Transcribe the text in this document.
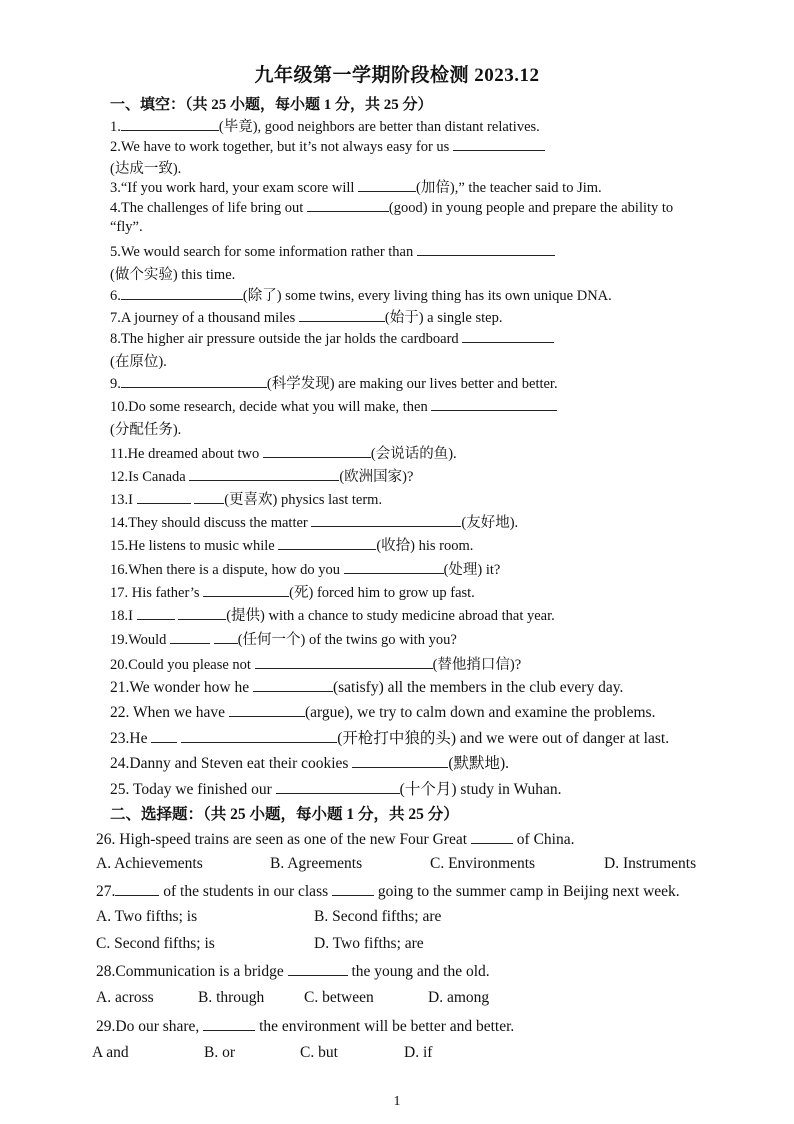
九年级第一学期阶段检测 2023.12
一、填空：（共 25 小题，每小题 1 分，共 25 分）
1.	(毕竟), good neighbors are better than distant relatives.
2.We have to work together, but it’s not always easy for us
(达成一致).
3.“If you work hard, your exam score will	(加倍),” the teacher said to Jim.
4.The challenges of life bring out	(good) in young people and prepare the ability to
“fly”.
5.We would search for some information rather than
(做个实验) this time.
6.	(除了) some twins, every living thing has its own unique DNA.
7.A journey of a thousand miles	(始于) a single step.
8.The higher air pressure outside the jar holds the cardboard
(在原位).
9.	(科学发现) are making our lives better and better.
10.Do some research, decide what you will make, then
(分配任务).
11.He dreamed about two	(会说话的鱼).
12.Is Canada	(欧洲国家)?
13.I	(更喜欢) physics last term.
14.They should discuss the matter	(友好地).
15.He listens to music while	(收拾) his room.
16.When there is a dispute, how do you	(处理) it?
17. His father’s	(死) forced him to grow up fast.
18.I	(提供) with a chance to study medicine abroad that year.
19.Would	(任何一个) of the twins go with you?
20.Could you please not	(替他捎口信)?
21.We wonder how he	(satisfy) all the members in the club every day.
22. When we have	(argue), we try to calm down and examine the problems.
23.He	(开枪打中狼的头) and we were out of danger at last.
24.Danny and Steven eat their cookies	(默默地).
25. Today we finished our	(十个月) study in Wuhan.
二、选择题：（共 25 小题，每小题 1 分，共 25 分）
26. High-speed trains are seen as one of the new Four Great	of China.
A. Achievements	B. Agreements	C. Environments	D. Instruments
27.	of the students in our class	going to the summer camp in Beijing next week.
A. Two fifths; is	B. Second fifths; are
C. Second fifths; is	D. Two fifths; are
28.Communication is a bridge	the young and the old.
A. across	B. through	C. between	D. among
29.Do our share,	the environment will be better and better.
A and	B. or	C. but	D. if
1
